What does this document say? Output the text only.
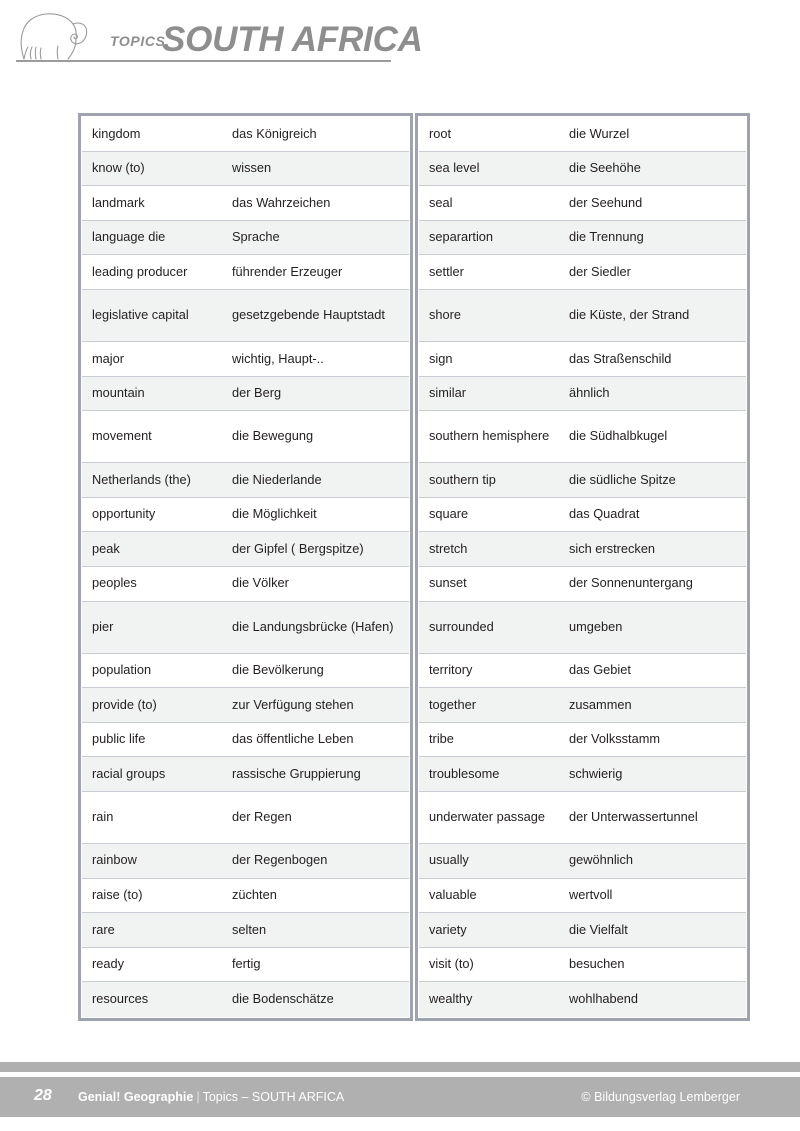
TOPICS
SOUTH AFRICA
kingdom	das Königreich
know (to)	wissen
landmark	das Wahrzeichen
language die	Sprache
leading producer	führender Erzeuger
legislative capital	gesetzgebende Hauptstadt
major	wichtig, Haupt-..
mountain	der Berg
movement	die Bewegung
Netherlands (the)	die Niederlande
opportunity	die Möglichkeit
peak	der Gipfel ( Bergspitze)
peoples	die Völker
pier	die Landungsbrücke (Hafen)
population	die Bevölkerung
provide (to)	zur Verfügung stehen
public life	das öffentliche Leben
racial groups	rassische Gruppierung
rain	der Regen
rainbow	der Regenbogen
raise (to)	züchten
rare	selten
ready	fertig
resources	die Bodenschätze
root	die Wurzel
sea level	die Seehöhe
seal	der Seehund
separartion	die Trennung
settler	der Siedler
shore	die Küste, der Strand
sign	das Straßenschild
similar	ähnlich
southern hemisphere	die Südhalbkugel
southern tip	die südliche Spitze
square	das Quadrat
stretch	sich erstrecken
sunset	der Sonnenuntergang
surrounded	umgeben
territory	das Gebiet
together	zusammen
tribe	der Volksstamm
troublesome	schwierig
underwater passage	der Unterwassertunnel
usually	gewöhnlich
valuable	wertvoll
variety	die Vielfalt
visit (to)	besuchen
wealthy	wohlhabend
28 Genial! Geographie | Topics – SOUTH ARFICA	© Bildungsverlag Lemberger
